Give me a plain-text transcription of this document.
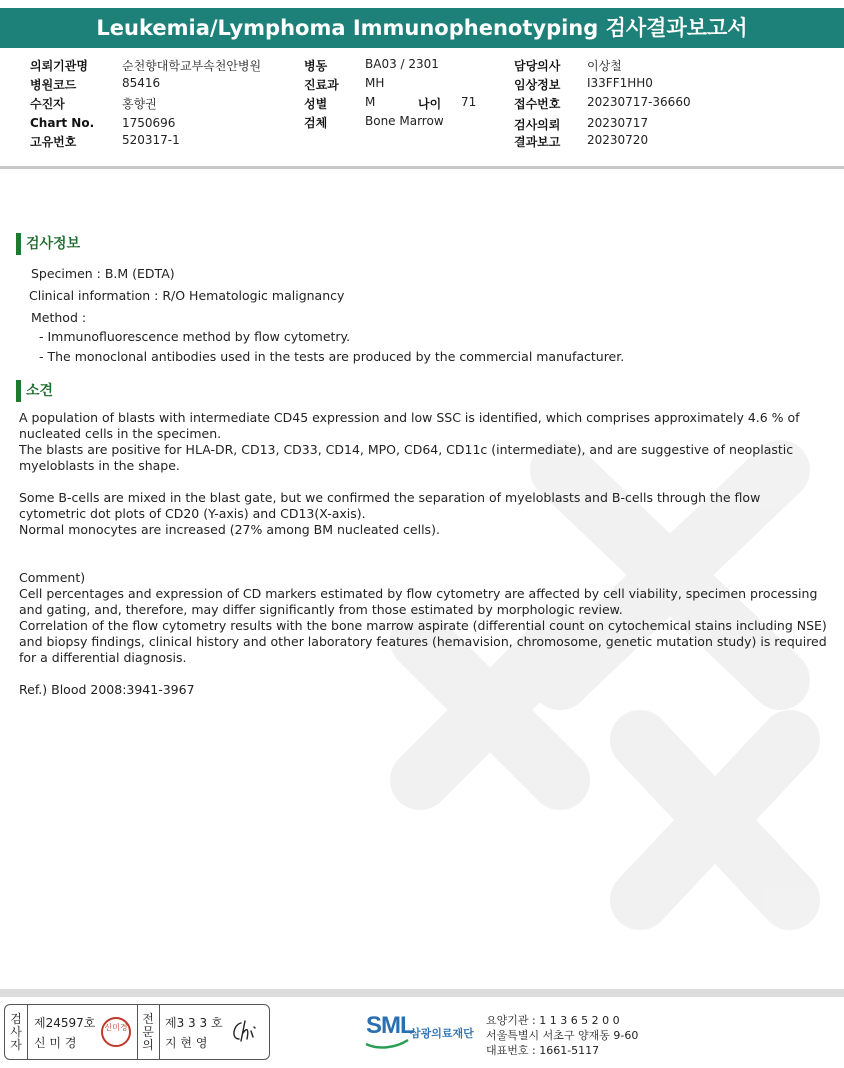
Leukemia/Lymphoma Immunophenotyping 검사결과보고서
의뢰기관명	순천향대학교부속천안병원
병원코드	85416
수진자	홍향권
Chart No. 1750696
고유번호	520317-1
병동	BA03 / 2301
진료과 MH
성별	M	나이 71
검체	Bone Marrow
담당의사 이상철
임상정보 I33FF1HH0
접수번호 20230717-36660
검사의뢰 20230717
결과보고 20230720
검사정보
Specimen : B.M (EDTA)
Clinical information : R/O Hematologic malignancy
Method :
- Immunofluorescence method by flow cytometry.
- The monoclonal antibodies used in the tests are produced by the commercial manufacturer.
소견

A population of blasts with intermediate CD45 expression and low SSC is identified, which comprises approximately 4.6 % of nucleated cells in the specimen.

The blasts are positive for HLA-DR, CD13, CD33, CD14, MPO, CD64, CD11c (intermediate), and are suggestive of neoplastic myeloblasts in the shape.

Some B-cells are mixed in the blast gate, but we confirmed the separation of myeloblasts and B-cells through the flow cytometric dot plots of CD20 (Y-axis) and CD13(X-axis).

Normal monocytes are increased (27% among BM nucleated cells).

Comment)

Cell percentages and expression of CD markers estimated by flow cytometry are affected by cell viability, specimen processing and gating, and, therefore, may differ significantly from those estimated by morphologic review.

Correlation of the flow cytometry results with the bone marrow aspirate (differential count on cytochemical stains including NSE) and biopsy findings, clinical history and other laboratory features (hemavision, chromosome, genetic mutation study) is required for a differential diagnosis.

Ref.) Blood 2008:3941-3967

검사자
제24597호
신 미 경
신미경
전문의
제3 3 3 호
지 현 영
SML
삼광의료재단
요양기관 : 1 1 3 6 5 2 0 0
서울특별시 서초구 양재동 9-60
대표번호 : 1661-5117
